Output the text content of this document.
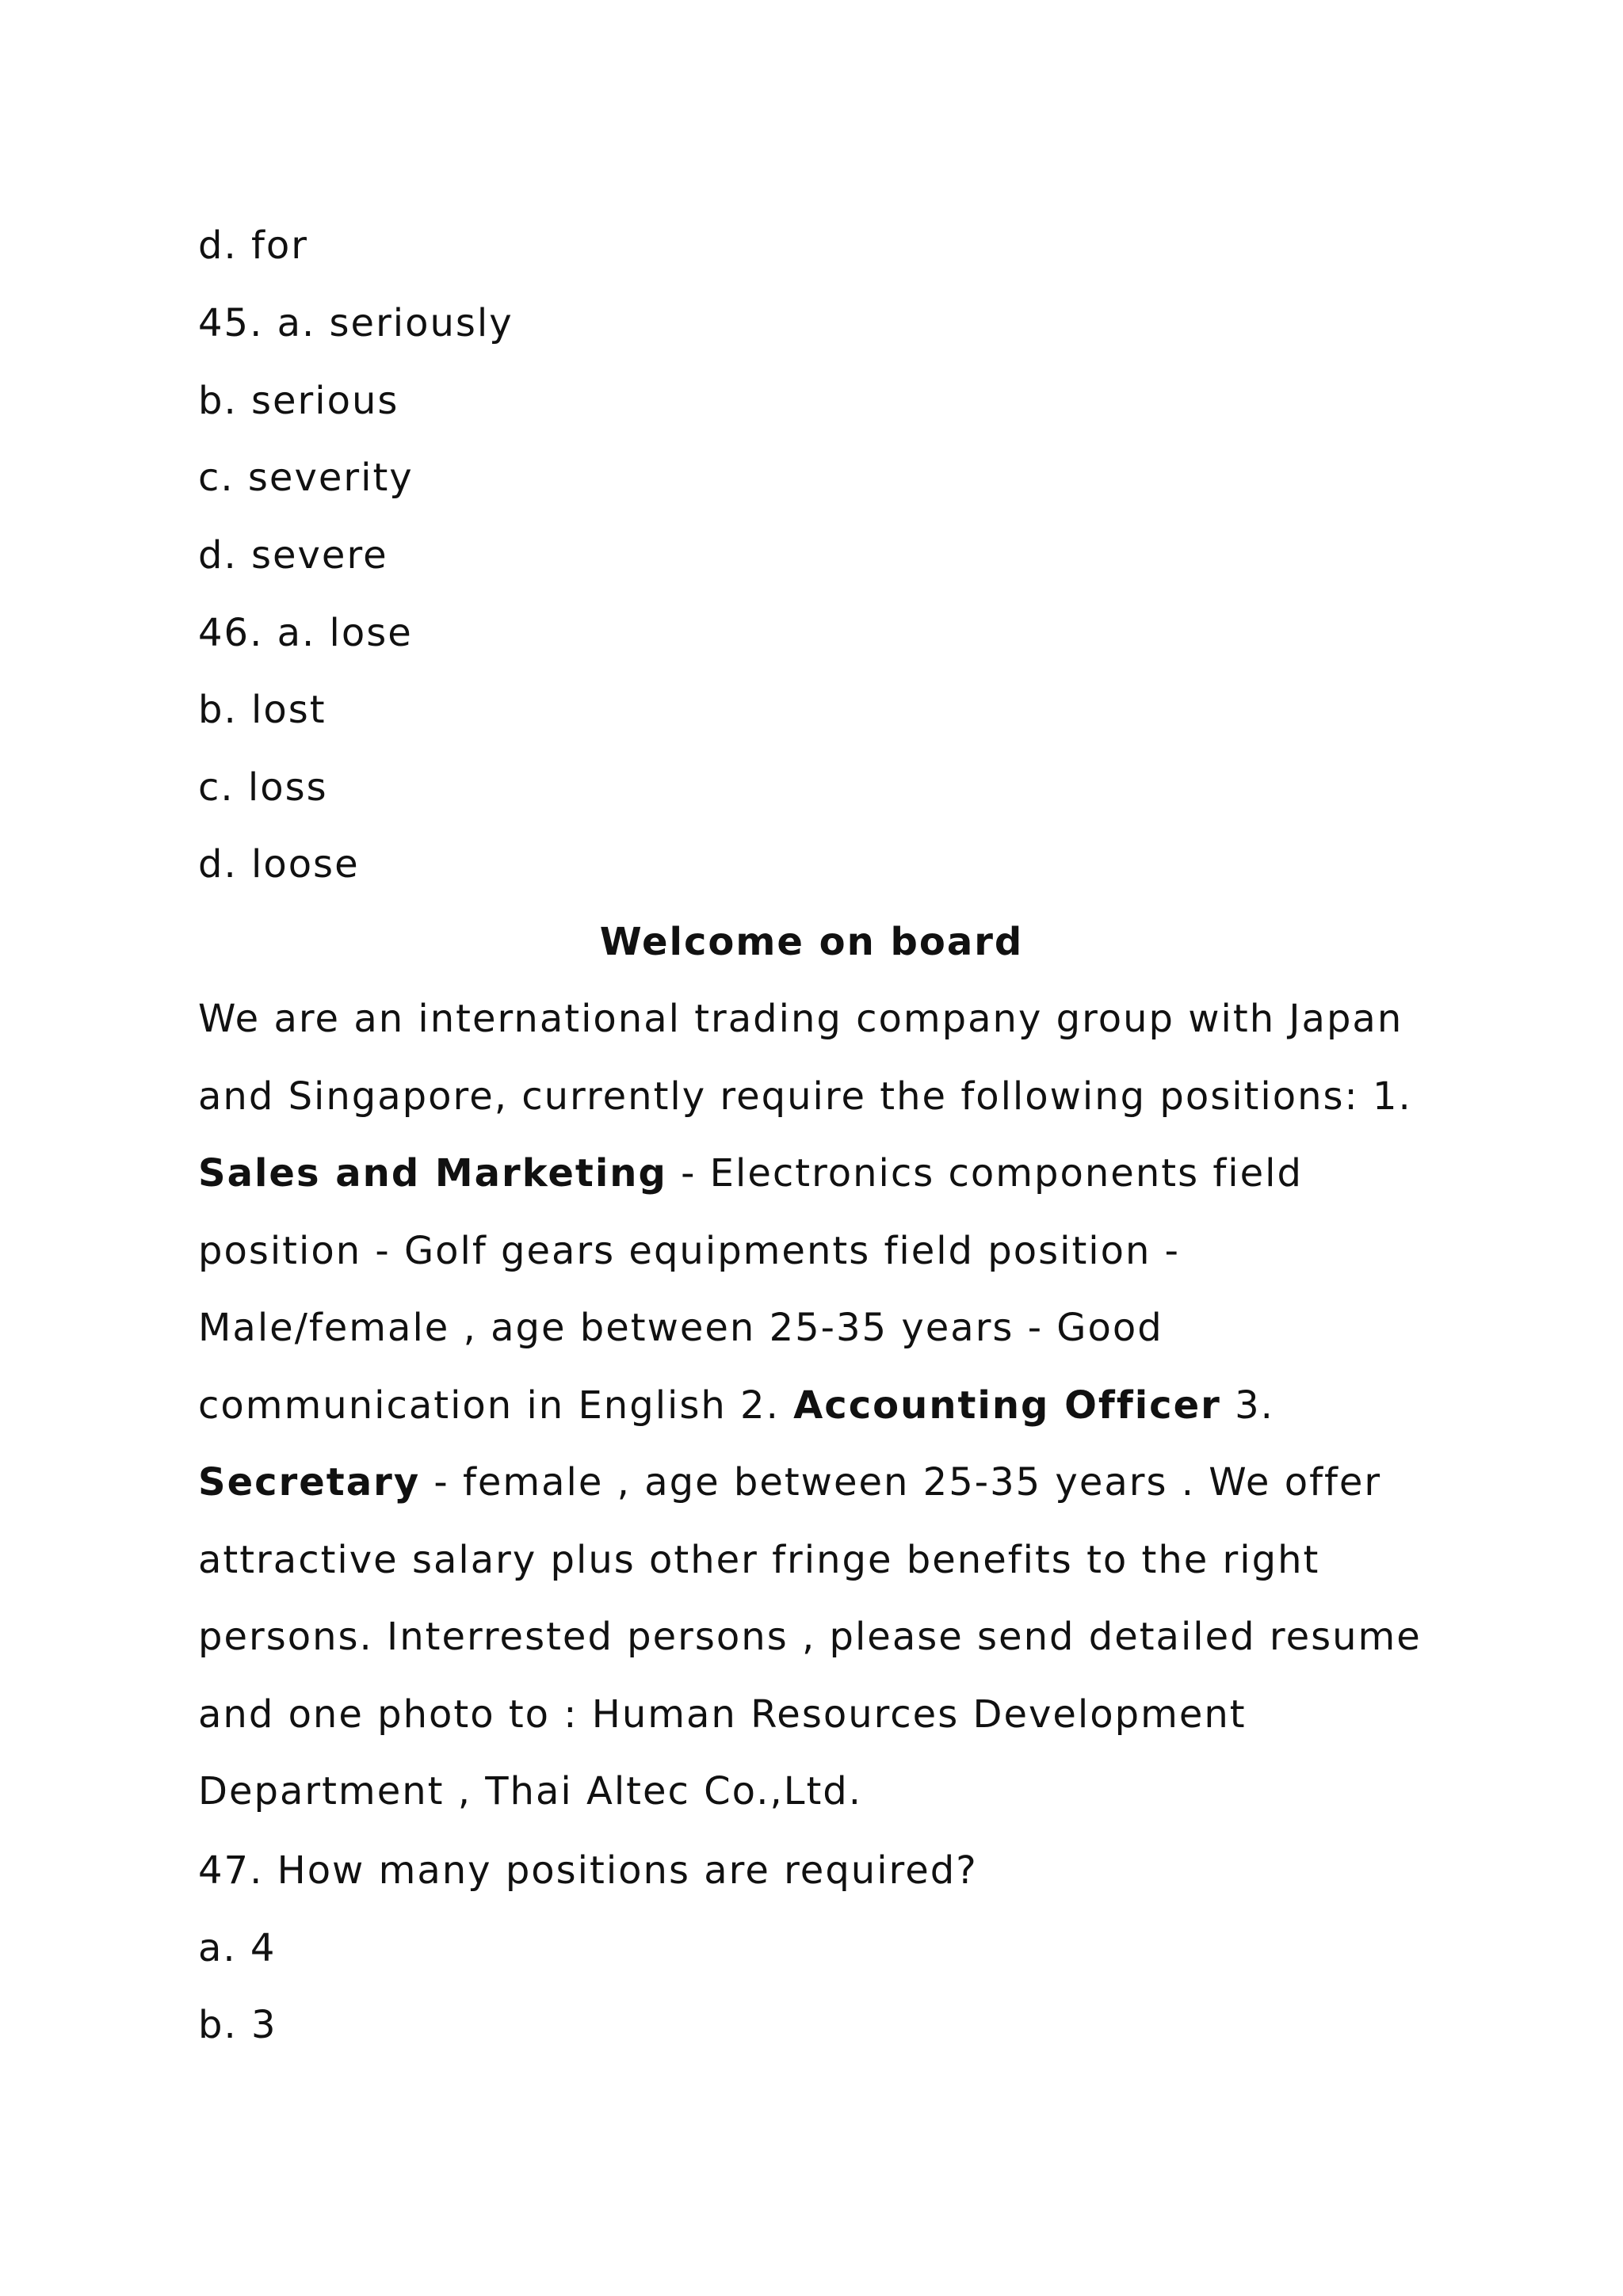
d. for
45. a. seriously
b. serious
c. severity
d. severe
46. a. lose
b. lost
c. loss
d. loose
Welcome on board
We are an international trading company group with Japan and Singapore, currently require the following positions: 1. Sales and Marketing - Electronics components field position - Golf gears equipments field position - Male/female , age between 25-35 years - Good communication in English 2. Accounting Officer 3. Secretary - female , age between 25-35 years . We offer attractive salary plus other fringe benefits to the right persons. Interrested persons , please send detailed resume and one photo to : Human Resources Development Department , Thai Altec Co.,Ltd.
47. How many positions are required?
a. 4
b. 3
